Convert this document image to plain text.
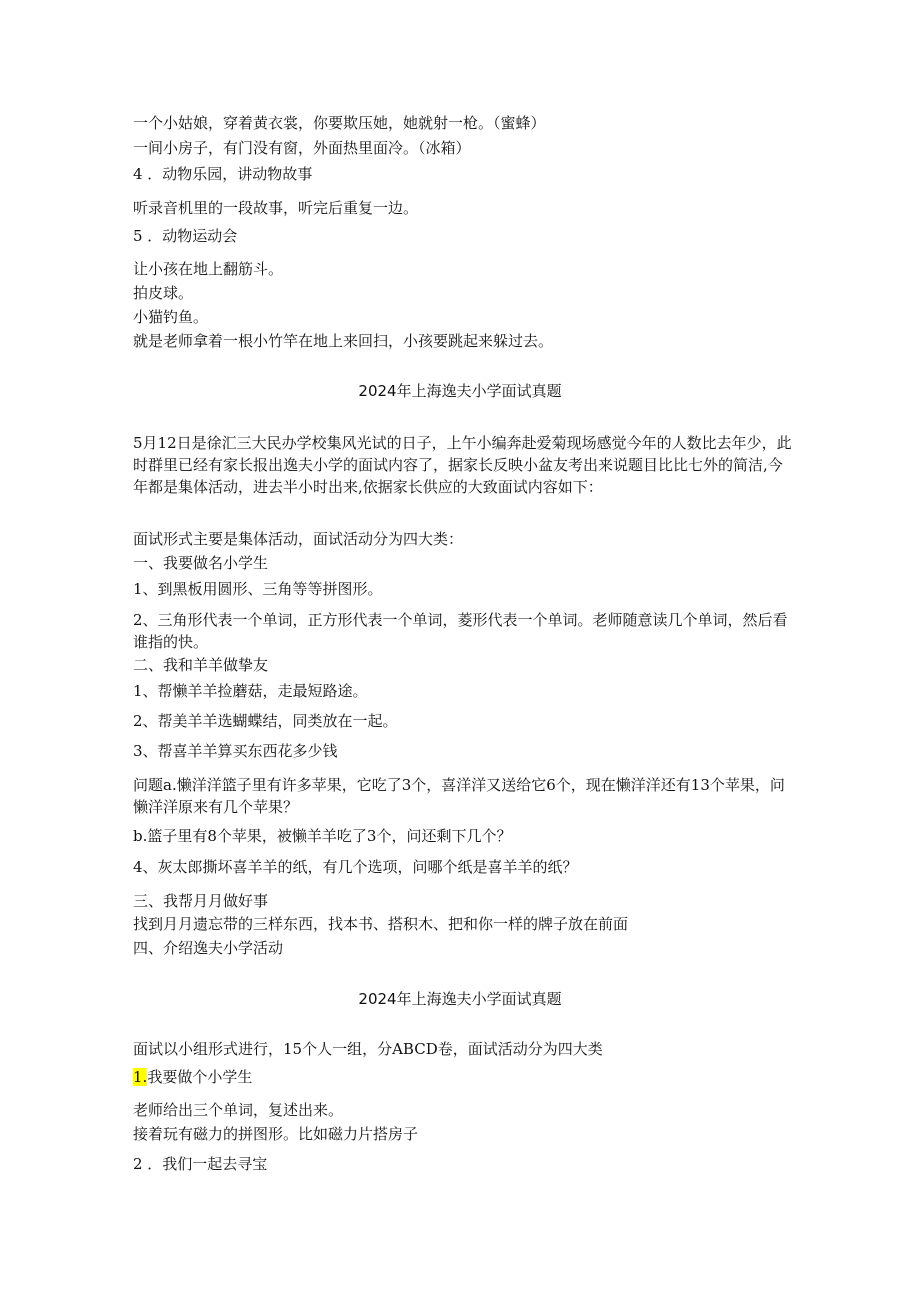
一个小姑娘，穿着黄衣裳，你要欺压她，她就射一枪。（蜜蜂）
一间小房子，有门没有窗，外面热里面冷。（冰箱）
4 ．动物乐园，讲动物故事
听录音机里的一段故事，听完后重复一边。
5 ．动物运动会
让小孩在地上翻筋斗。
拍皮球。
小猫钓鱼。
就是老师拿着一根小竹竿在地上来回扫，小孩要跳起来躲过去。
2024年上海逸夫小学面试真题
5月12日是徐汇三大民办学校集风光试的日子，上午小编奔赴爱菊现场感觉今年的人数比去年少，此时群里已经有家长报出逸夫小学的面试内容了，据家长反映小盆友考出来说题目比比七外的简洁,今年都是集体活动，进去半小时出来,依据家长供应的大致面试内容如下：
面试形式主要是集体活动，面试活动分为四大类：
一、我要做名小学生
1、到黑板用圆形、三角等等拼图形。
2、三角形代表一个单词，正方形代表一个单词，菱形代表一个单词。老师随意读几个单词，然后看谁指的快。
二、我和羊羊做挚友
1、帮懒羊羊捡蘑菇，走最短路途。
2、帮美羊羊选蝴蝶结，同类放在一起。
3、帮喜羊羊算买东西花多少钱
问题a.懒洋洋篮子里有许多苹果，它吃了3个，喜洋洋又送给它6个，现在懒洋洋还有13个苹果，问懒洋洋原来有几个苹果？
b.篮子里有8个苹果，被懒羊羊吃了3个，问还剩下几个？
4、灰太郎撕坏喜羊羊的纸，有几个选项，问哪个纸是喜羊羊的纸？
三、我帮月月做好事
找到月月遗忘带的三样东西，找本书、搭积木、把和你一样的牌子放在前面
四、介绍逸夫小学活动
2024年上海逸夫小学面试真题
面试以小组形式进行，15个人一组，分ABCD卷，面试活动分为四大类
1.我要做个小学生
老师给出三个单词，复述出来。
接着玩有磁力的拼图形。比如磁力片搭房子
2 ．我们一起去寻宝
